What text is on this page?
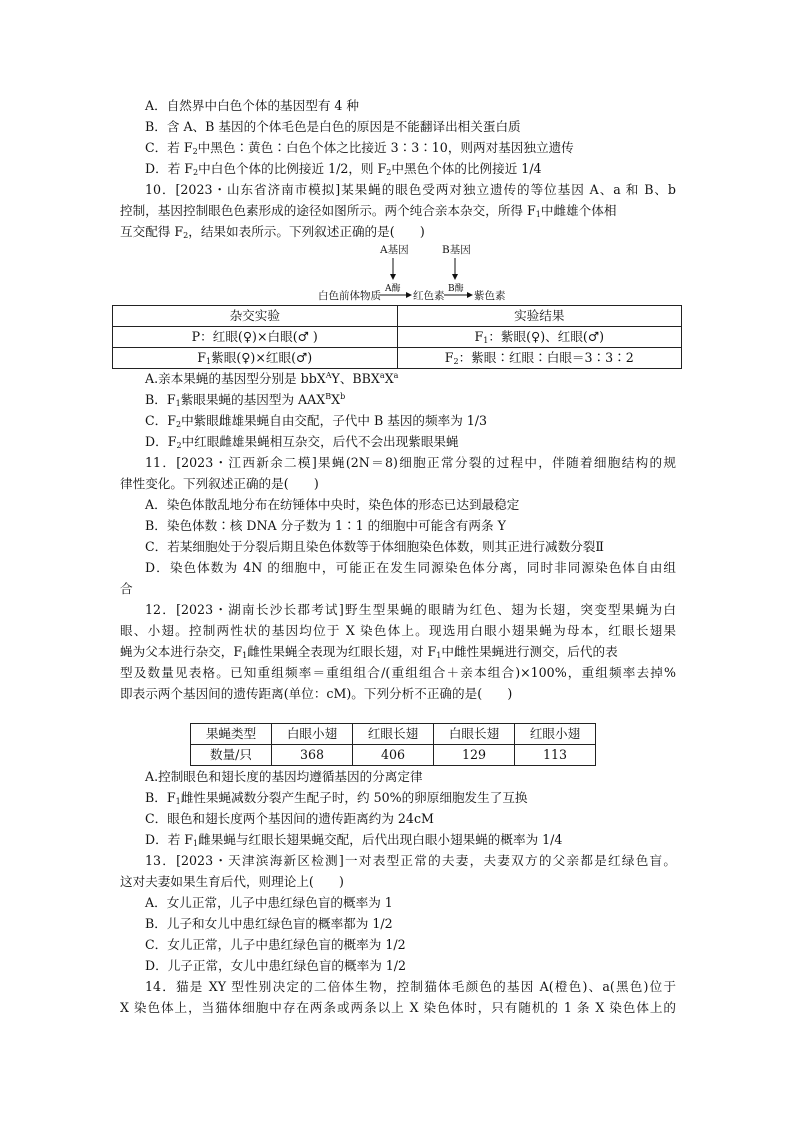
A．自然界中白色个体的基因型有 4 种

B．含 A、B 基因的个体毛色是白色的原因是不能翻译出相关蛋白质

C．若 $F_2$中黑色∶黄色∶白色个体之比接近 3∶3∶10，则两对基因独立遗传

D．若 $F_2$中白色个体的比例接近 1/2，则 $F_2$中黑色个体的比例接近 1/4

10．[2023・山东省济南市模拟]某果蝇的眼色受两对独立遗传的等位基因 A、a 和 B、b

控制，基因控制眼色色素形成的途径如图所示。两个纯合亲本杂交，所得 $F_1$中雌雄个体相

互交配得 $F_2$，结果如表所示。下列叙述正确的是(　　)

A基因	B基因
A酶	B酶
白色前体物质	红色素	紫色素
杂交实验	实验结果
P：红眼(♀)×白眼(♂ )	$F_1$：紫眼(♀)、红眼(♂)
$F_1$紫眼(♀)×红眼(♂)	$F_2$：紫眼∶红眼∶白眼＝3∶3∶2

A.亲本果蝇的基因型分别是 bbX$^A$Y、$BBX^aX^a$

B．$F_1$紫眼果蝇的基因型为 $AAX^BX^b$

C．$F_2$中紫眼雌雄果蝇自由交配，子代中 B 基因的频率为 1/3

D．$F_2$中红眼雌雄果蝇相互杂交，后代不会出现紫眼果蝇

11．[2023・江西新余二模]果蝇(2N＝8)细胞正常分裂的过程中，伴随着细胞结构的规

律性变化。下列叙述正确的是(　　)

A．染色体散乱地分布在纺锤体中央时，染色体的形态已达到最稳定

B．染色体数∶核 DNA 分子数为 1∶1 的细胞中可能含有两条 Y

C．若某细胞处于分裂后期且染色体数等于体细胞染色体数，则其正进行减数分裂Ⅱ

D．染色体数为 4N 的细胞中，可能正在发生同源染色体分离，同时非同源染色体自由组

合

12．[2023・湖南长沙长郡考试]野生型果蝇的眼睛为红色、翅为长翅，突变型果蝇为白

眼、小翅。控制两性状的基因均位于 X 染色体上。现选用白眼小翅果蝇为母本，红眼长翅果

蝇为父本进行杂交，$F_1$雌性果蝇全表现为红眼长翅，对 $F_1$中雌性果蝇进行测交，后代的表

型及数量见表格。已知重组频率＝重组组合/(重组组合＋亲本组合)×100%，重组频率去掉%

即表示两个基因间的遗传距离(单位：cM)。下列分析不正确的是(　　)

果蝇类型	白眼小翅	红眼长翅	白眼长翅	红眼小翅
数量/只	368	406	129	113

A.控制眼色和翅长度的基因均遵循基因的分离定律

B．$F_1$雌性果蝇减数分裂产生配子时，约 50%的卵原细胞发生了互换

C．眼色和翅长度两个基因间的遗传距离约为 24cM

D．若 $F_1$雌果蝇与红眼长翅果蝇交配，后代出现白眼小翅果蝇的概率为 1/4

13．[2023・天津滨海新区检测]一对表型正常的夫妻，夫妻双方的父亲都是红绿色盲。

这对夫妻如果生育后代，则理论上(　　)

A．女儿正常，儿子中患红绿色盲的概率为 1

B．儿子和女儿中患红绿色盲的概率都为 1/2

C．女儿正常，儿子中患红绿色盲的概率为 1/2

D．儿子正常，女儿中患红绿色盲的概率为 1/2

14．猫是 XY 型性别决定的二倍体生物，控制猫体毛颜色的基因 A(橙色)、a(黑色)位于

X 染色体上，当猫体细胞中存在两条或两条以上 X 染色体时，只有随机的 1 条 X 染色体上的
